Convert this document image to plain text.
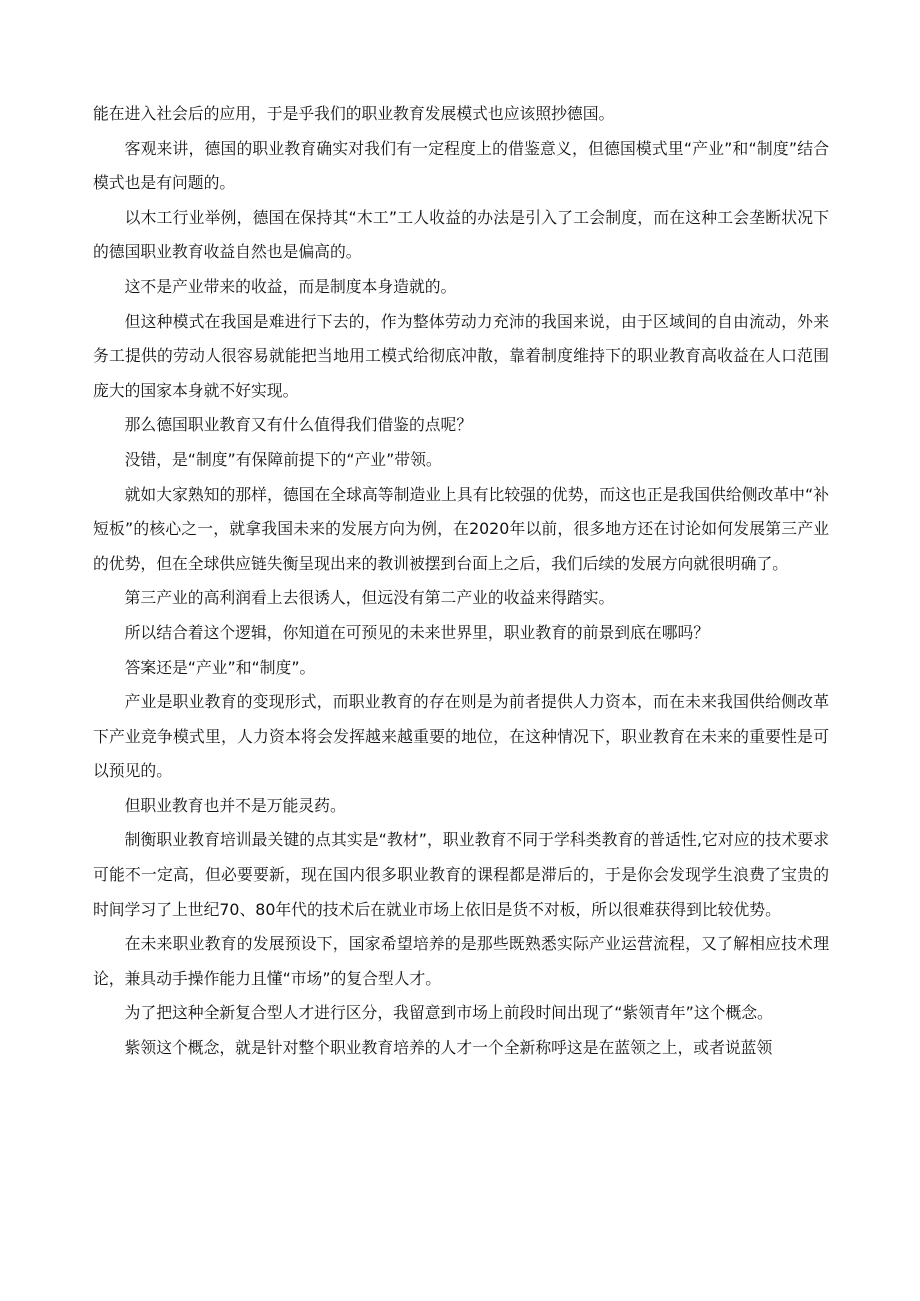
能在进入社会后的应用，于是乎我们的职业教育发展模式也应该照抄德国。

客观来讲，德国的职业教育确实对我们有一定程度上的借鉴意义，但德国模式里“产业”和“制度”结合模式也是有问题的。

以木工行业举例，德国在保持其“木工”工人收益的办法是引入了工会制度，而在这种工会垄断状况下的德国职业教育收益自然也是偏高的。

这不是产业带来的收益，而是制度本身造就的。

但这种模式在我国是难进行下去的，作为整体劳动力充沛的我国来说，由于区域间的自由流动，外来务工提供的劳动人很容易就能把当地用工模式给彻底冲散，靠着制度维持下的职业教育高收益在人口范围庞大的国家本身就不好实现。

那么德国职业教育又有什么值得我们借鉴的点呢？

没错，是“制度”有保障前提下的“产业”带领。

就如大家熟知的那样，德国在全球高等制造业上具有比较强的优势，而这也正是我国供给侧改革中“补短板”的核心之一，就拿我国未来的发展方向为例，在2020年以前，很多地方还在讨论如何发展第三产业的优势，但在全球供应链失衡呈现出来的教训被摆到台面上之后，我们后续的发展方向就很明确了。

第三产业的高利润看上去很诱人，但远没有第二产业的收益来得踏实。

所以结合着这个逻辑，你知道在可预见的未来世界里，职业教育的前景到底在哪吗？

答案还是“产业”和“制度”。

产业是职业教育的变现形式，而职业教育的存在则是为前者提供人力资本，而在未来我国供给侧改革下产业竞争模式里，人力资本将会发挥越来越重要的地位，在这种情况下，职业教育在未来的重要性是可以预见的。

但职业教育也并不是万能灵药。

制衡职业教育培训最关键的点其实是“教材”，职业教育不同于学科类教育的普适性,它对应的技术要求可能不一定高，但必要要新，现在国内很多职业教育的课程都是滞后的，于是你会发现学生浪费了宝贵的时间学习了上世纪70、80年代的技术后在就业市场上依旧是货不对板，所以很难获得到比较优势。

在未来职业教育的发展预设下，国家希望培养的是那些既熟悉实际产业运营流程，又了解相应技术理论，兼具动手操作能力且懂“市场”的复合型人才。

为了把这种全新复合型人才进行区分，我留意到市场上前段时间出现了“紫领青年”这个概念。

紫领这个概念，就是针对整个职业教育培养的人才一个全新称呼这是在蓝领之上，或者说蓝领
